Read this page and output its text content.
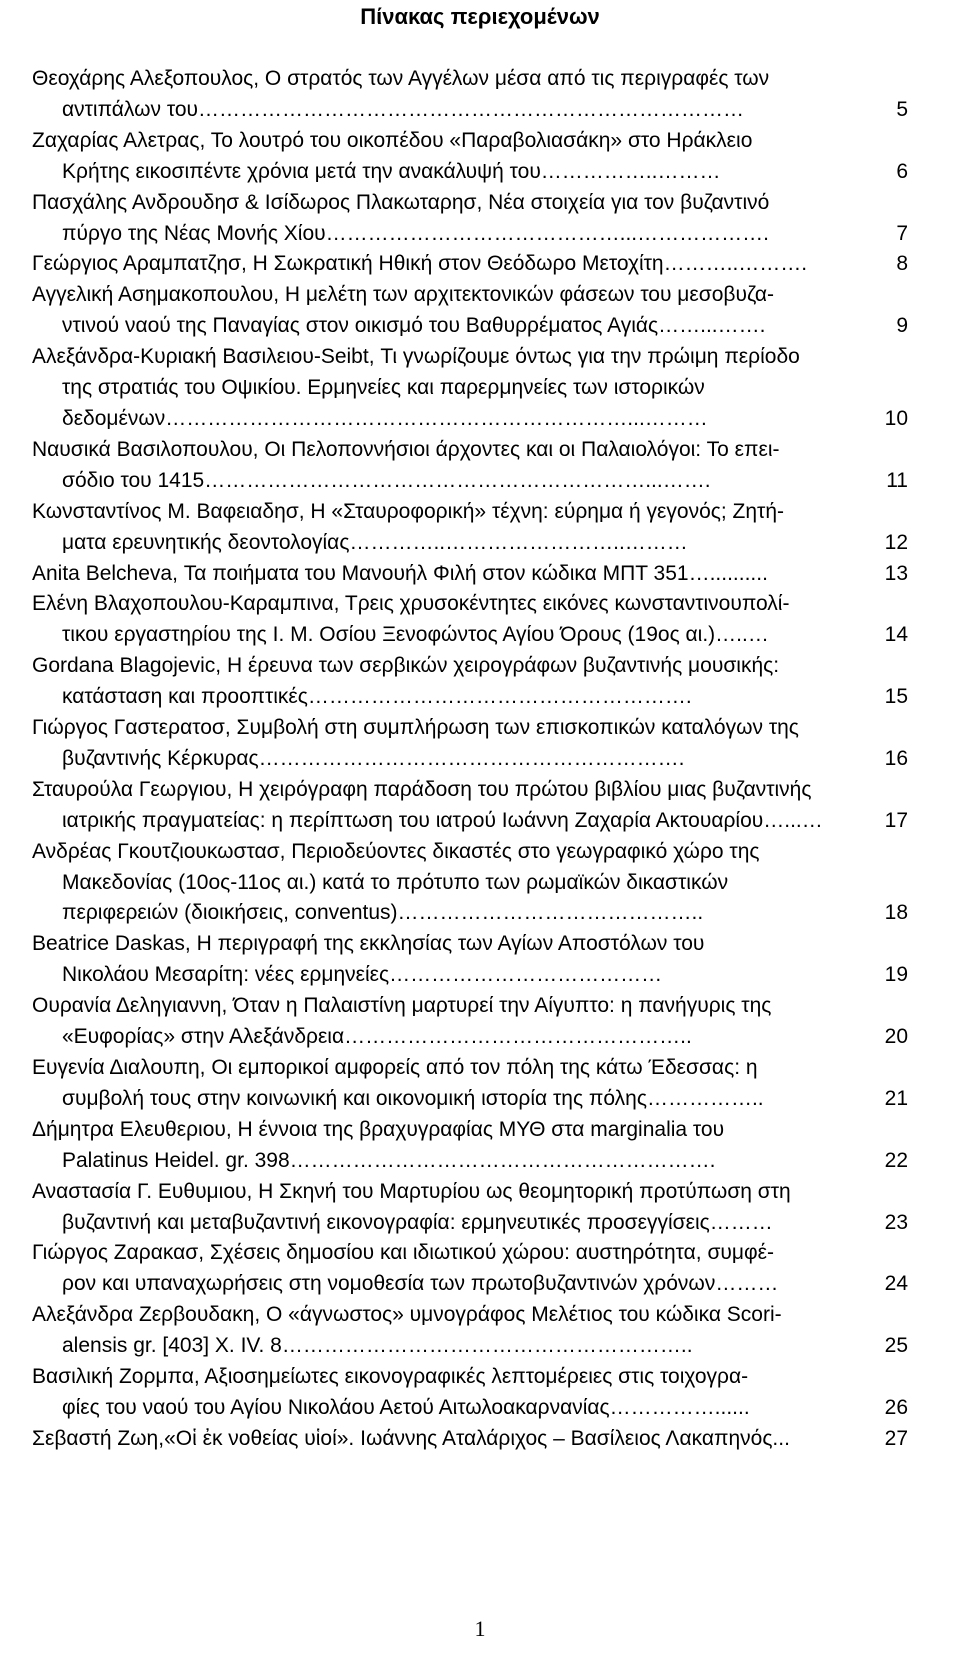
Πίνακας περιεχομένων
Θεοχάρης Αλεξοπουλος, Ο στρατός των Αγγέλων μέσα από τις περιγραφές των
αντιπάλων του……………………………………………………………………	5
Ζαχαρίας Αλετρας, Το λουτρό του οικοπέδου «Παραβολιασάκη» στο Ηράκλειο
Κρήτης εικοσιπέντε χρόνια μετά την ανακάλυψή του……………..………	6
Πασχάλης Ανδρουδησ & Ισίδωρος Πλακωταρησ, Νέα στοιχεία για τον βυζαντινό
πύργο της Νέας Μονής Χίου……………………………………...……………….	7
Γεώργιος Αραμπατζησ, Η Σωκρατική Ηθική στον Θεόδωρο Μετοχίτη………..……….	8
Αγγελική Ασημακοπουλου, Η μελέτη των αρχιτεκτονικών φάσεων του μεσοβυζα-
ντινού ναού της Παναγίας στον οικισμό του Βαθυρρέματος Αγιάς……...…….	9
Αλεξάνδρα-Κυριακή Βασιλειου-Seibt, Τι γνωρίζουμε όντως για την πρώιμη περίοδο
της στρατιάς του Οψικίου. Ερμηνείες και παρερμηνείες των ιστορικών
δεδομένων…………………………………………………………...………	10
Ναυσικά Βασιλοπουλου, Οι Πελοποννήσιοι άρχοντες και οι Παλαιολόγοι: Το επει-
σόδιο του 1415………………………………………………………...…….	11
Κωνσταντίνος Μ. Βαφειαδησ, Η «Σταυροφορική» τέχνη: εύρημα ή γεγονός; Ζητή-
ματα ερευνητικής δεοντολογίας…………..……………………..………	12
Anita Belcheva, Τα ποιήματα του Μανουήλ Φιλή στον κώδικα ΜΠΤ 351…..........	13
Ελένη Βλαχοπουλου-Καραμπινα, Τρεις χρυσοκέντητες εικόνες κωνσταντινουπολί-
τικου εργαστηρίου της Ι. Μ. Οσίου Ξενοφώντος Αγίου Όρους (19ος αι.)…..…	14
Gordana Blagojevic, Η έρευνα των σερβικών χειρογράφων βυζαντινής μουσικής:
κατάσταση και προοπτικές……………………………………………….	15
Γιώργος Γαστερατοσ, Συμβολή στη συμπλήρωση των επισκοπικών καταλόγων της
βυζαντινής Κέρκυρας…………………………………………………….	16
Σταυρούλα Γεωργιου, Η χειρόγραφη παράδοση του πρώτου βιβλίου μιας βυζαντινής
ιατρικής πραγματείας: η περίπτωση του ιατρού Ιωάννη Ζαχαρία Ακτουαρίου…...…	17
Ανδρέας Γκουτζιουκωστασ, Περιοδεύοντες δικαστές στο γεωγραφικό χώρο της
Μακεδονίας (10ος-11ος αι.) κατά το πρότυπο των ρωμαϊκών δικαστικών
περιφερειών (διοικήσεις, conventus)……………………………………..	18
Beatrice Daskas, Η περιγραφή της εκκλησίας των Αγίων Αποστόλων του
Νικολάου Μεσαρίτη: νέες ερμηνείες…………………………………	19
Ουρανία Δεληγιαννη, Όταν η Παλαιστίνη μαρτυρεί την Αίγυπτο: η πανήγυρις της
«Ευφορίας» στην Αλεξάνδρεια…………………………………………..	20
Ευγενία Διαλουπη, Οι εμπορικοί αμφορείς από τον πόλη της κάτω Έδεσσας: η
συμβολή τους στην κοινωνική και οικονομική ιστορία της πόλης……………..	21
Δήμητρα Ελευθεριου, Η έννοια της βραχυγραφίας ΜΥΘ στα marginalia του
Palatinus Heidel. gr. 398…………………………………………………….	22
Αναστασία Γ. Ευθυμιου, Η Σκηνή του Μαρτυρίου ως θεομητορική προτύπωση στη
βυζαντινή και μεταβυζαντινή εικονογραφία: ερμηνευτικές προσεγγίσεις………	23
Γιώργος Ζαρακασ, Σχέσεις δημοσίου και ιδιωτικού χώρου: αυστηρότητα, συμφέ-
ρον και υπαναχωρήσεις στη νομοθεσία των πρωτοβυζαντινών χρόνων………	24
Αλεξάνδρα Ζερβουδακη, Ο «άγνωστος» υμνογράφος Μελέτιος του κώδικα Scori-
alensis gr. [403] X. IV. 8…………………………………………………..	25
Βασιλική Ζορμπα, Αξιοσημείωτες εικονογραφικές λεπτομέρειες στις τοιχογρα-
φίες του ναού του Αγίου Νικολάου Αετού Αιτωλοακαρνανίας……………......	26
Σεβαστή Ζωη,«Οἱ ἐκ νοθείας υἱοί». Ιωάννης Αταλάριχος – Βασίλειος Λακαπηνός...	27
1
